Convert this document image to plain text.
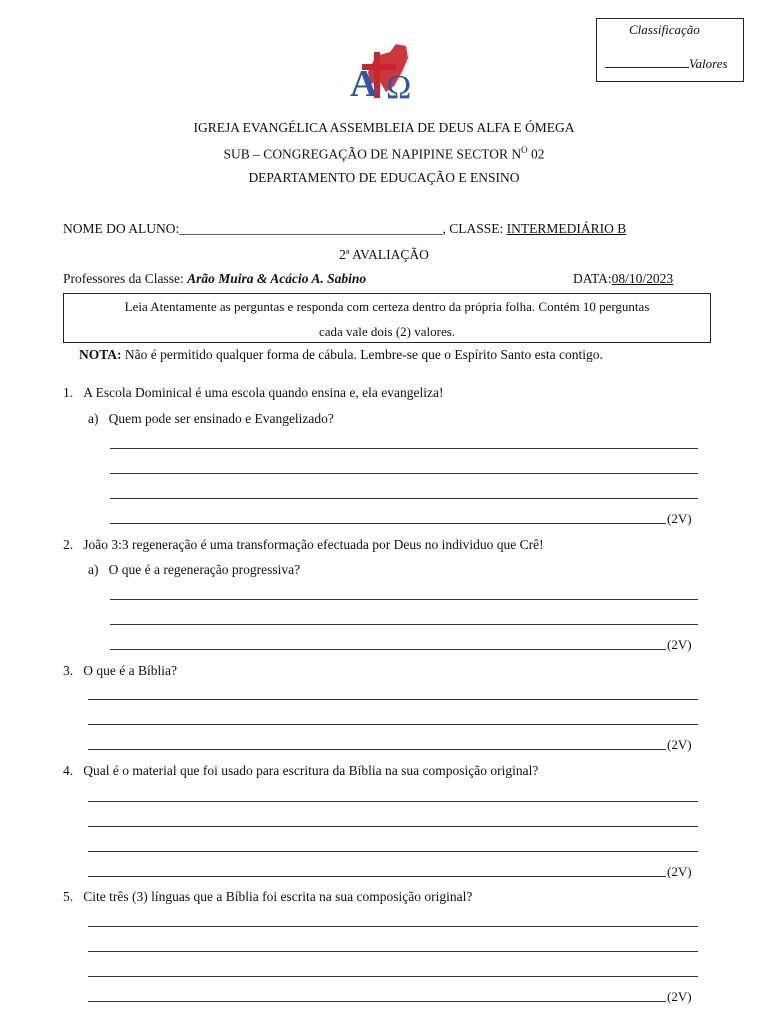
Classificação
Valores
A Ω
IGREJA EVANGÉLICA ASSEMBLEIA DE DEUS ALFA E ÓMEGA
SUB – CONGREGAÇÃO DE NAPIPINE SECTOR $N^O$ 02
DEPARTAMENTO DE EDUCAÇÃO E ENSINO
NOME DO ALUNO:_______________________________________, CLASSE: INTERMEDIÁRIO B
2ª AVALIAÇÃO
Professores da Classe: Arão Muira & Acácio A. Sabino	DATA:08/10/2023
Leia Atentamente as perguntas e responda com certeza dentro da própria folha. Contém 10 perguntas
cada vale dois (2) valores.
NOTA: Não é permitido qualquer forma de cábula. Lembre-se que o Espírito Santo esta contigo.
1. A Escola Dominical é uma escola quando ensina e, ela evangeliza!
a) Quem pode ser ensinado e Evangelizado?
(2V)
2. João 3:3 regeneração é uma transformação efectuada por Deus no individuo que Crê!
a) O que é a regeneração progressiva?
(2V)
3. O que é a Bíblia?
(2V)
4. Qual é o material que foi usado para escritura da Bíblia na sua composição original?
(2V)
5. Cite três (3) línguas que a Bíblia foi escrita na sua composição original?
(2V)
